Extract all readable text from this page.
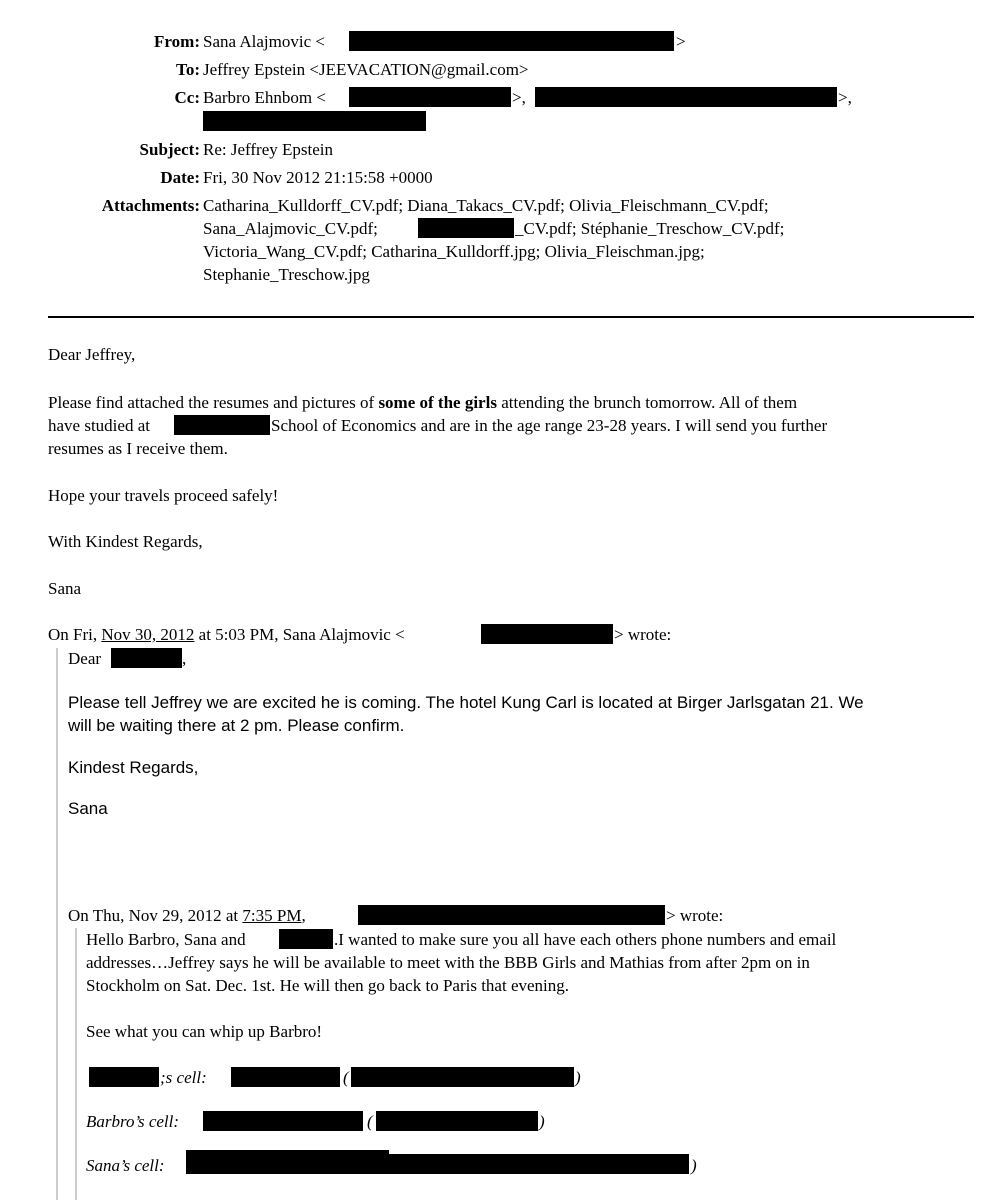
From: Sana Alajmovic <	>
To: Jeffrey Epstein <JEEVACATION@gmail.com>
Cc: Barbro Ehnbom <	>,	>,
Subject: Re: Jeffrey Epstein
Date: Fri, 30 Nov 2012 21:15:58 +0000
Attachments: Catharina_Kulldorff_CV.pdf; Diana_Takacs_CV.pdf; Olivia_Fleischmann_CV.pdf;
Sana_Alajmovic_CV.pdf;	_CV.pdf; Stéphanie_Treschow_CV.pdf;
Victoria_Wang_CV.pdf; Catharina_Kulldorff.jpg; Olivia_Fleischman.jpg;
Stephanie_Treschow.jpg
Dear Jeffrey,
Please find attached the resumes and pictures of some of the girls attending the brunch tomorrow. All of them
have studied at	School of Economics and are in the age range 23-28 years. I will send you further
resumes as I receive them.
Hope your travels proceed safely!
With Kindest Regards,
Sana
On Fri, Nov 30, 2012 at 5:03 PM, Sana Alajmovic <	> wrote:
Dear	,
Please tell Jeffrey we are excited he is coming. The hotel Kung Carl is located at Birger Jarlsgatan 21. We
will be waiting there at 2 pm. Please confirm.
Kindest Regards,
Sana
On Thu, Nov 29, 2012 at 7:35 PM,	> wrote:
Hello Barbro, Sana and	.I wanted to make sure you all have each others phone numbers and email
addresses…Jeffrey says he will be available to meet with the BBB Girls and Mathias from after 2pm on in
Stockholm on Sat. Dec. 1st. He will then go back to Paris that evening.
See what you can whip up Barbro!
;s cell:	(	)
Barbro’s cell:	(	)
Sana’s cell:	)
